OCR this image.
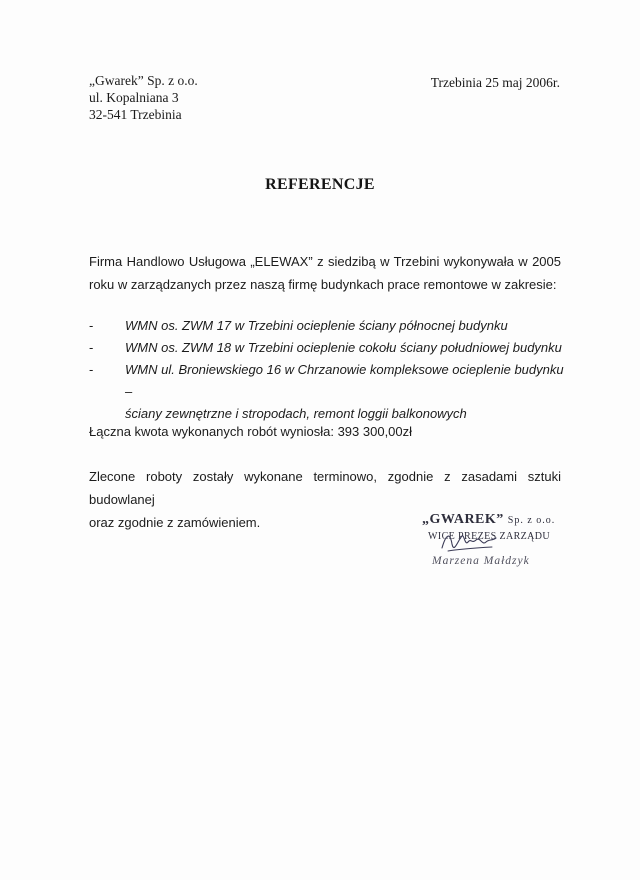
„Gwarek” Sp. z o.o.
ul. Kopalniana 3
32-541 Trzebinia
Trzebinia 25 maj 2006r.
REFERENCJE
Firma Handlowo Usługowa „ELEWAX” z siedzibą w Trzebini wykonywała w 2005
roku w zarządzanych przez naszą firmę budynkach prace remontowe w zakresie:
- WMN os. ZWM 17 w Trzebini ocieplenie ściany północnej budynku
- WMN os. ZWM 18 w Trzebini ocieplenie cokołu ściany południowej budynku
- WMN ul. Broniewskiego 16 w Chrzanowie kompleksowe ocieplenie budynku –
ściany zewnętrzne i stropodach, remont loggii balkonowych
Łączna kwota wykonanych robót wyniosła: 393 300,00zł
Zlecone roboty zostały wykonane terminowo, zgodnie z zasadami sztuki budowlanej
oraz zgodnie z zamówieniem.	„GWAREK” Sp. z o.o.
WICE PREZES ZARZĄDU
Marzena Małdzyk
